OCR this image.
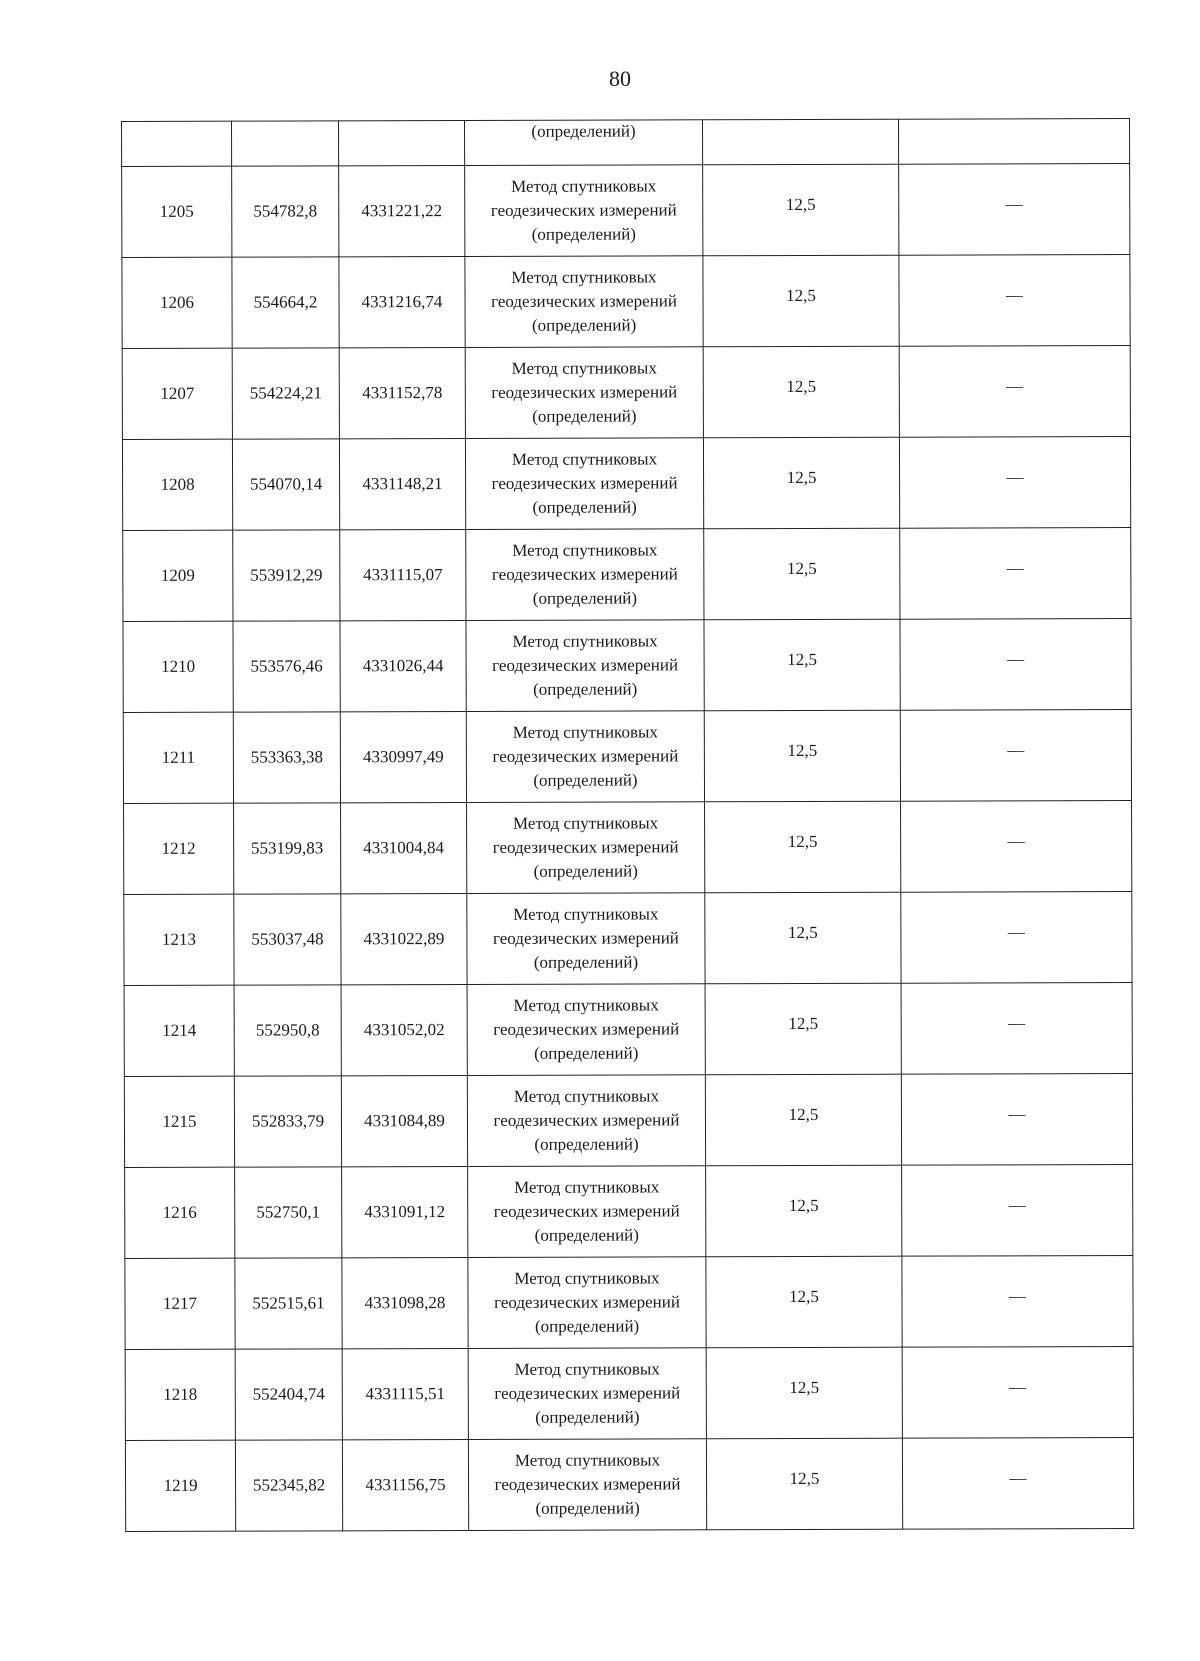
80
			(определений)		
1205	554782,8	4331221,22	Метод спутниковых
геодезических измерений
(определений)	12,5	—
1206	554664,2	4331216,74	Метод спутниковых
геодезических измерений
(определений)	12,5	—
1207	554224,21	4331152,78	Метод спутниковых
геодезических измерений
(определений)	12,5	—
1208	554070,14	4331148,21	Метод спутниковых
геодезических измерений
(определений)	12,5	—
1209	553912,29	4331115,07	Метод спутниковых
геодезических измерений
(определений)	12,5	—
1210	553576,46	4331026,44	Метод спутниковых
геодезических измерений
(определений)	12,5	—
1211	553363,38	4330997,49	Метод спутниковых
геодезических измерений
(определений)	12,5	—
1212	553199,83	4331004,84	Метод спутниковых
геодезических измерений
(определений)	12,5	—
1213	553037,48	4331022,89	Метод спутниковых
геодезических измерений
(определений)	12,5	—
1214	552950,8	4331052,02	Метод спутниковых
геодезических измерений
(определений)	12,5	—
1215	552833,79	4331084,89	Метод спутниковых
геодезических измерений
(определений)	12,5	—
1216	552750,1	4331091,12	Метод спутниковых
геодезических измерений
(определений)	12,5	—
1217	552515,61	4331098,28	Метод спутниковых
геодезических измерений
(определений)	12,5	—
1218	552404,74	4331115,51	Метод спутниковых
геодезических измерений
(определений)	12,5	—
1219	552345,82	4331156,75	Метод спутниковых
геодезических измерений
(определений)	12,5	—
